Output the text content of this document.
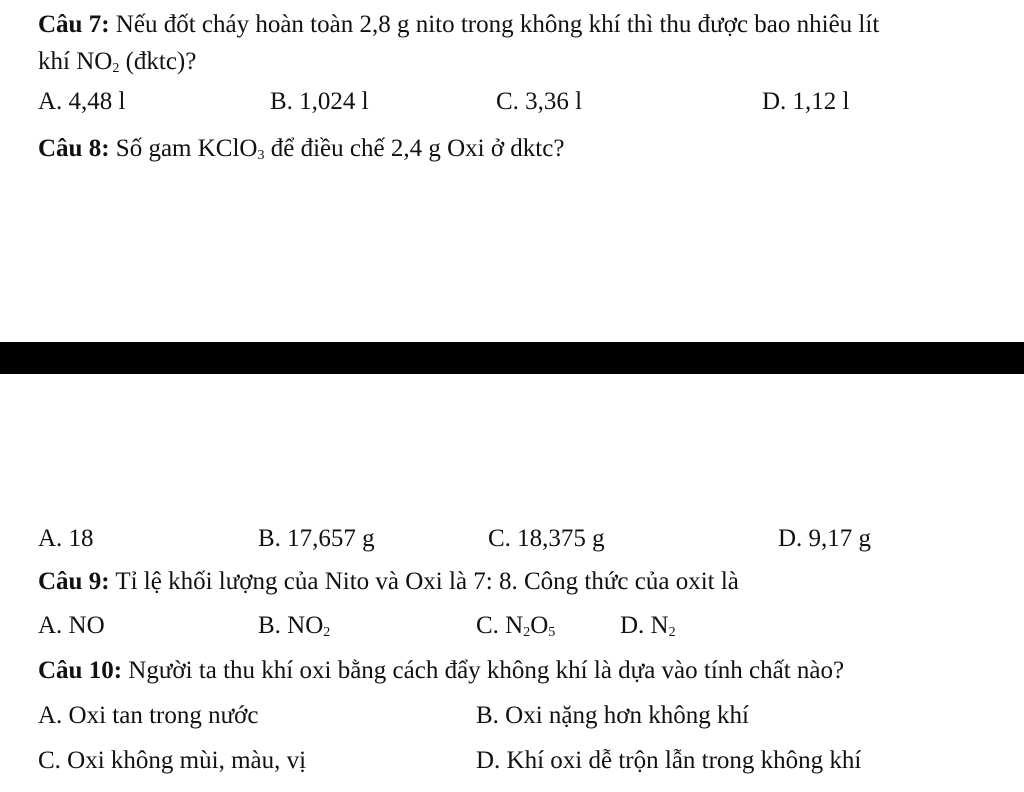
Câu 7: Nếu đốt cháy hoàn toàn 2,8 g nito trong không khí thì thu được bao nhiêu lít
khí $NO_2$ (đktc)?
A. 4,48 l	B. 1,024 l	C. 3,36 l	D. 1,12 l
Câu 8: Số gam KClO$_3$ để điều chế 2,4 g Oxi ở dktc?
A. 18	B. 17,657 g	C. 18,375 g	D. 9,17 g
Câu 9: Tỉ lệ khối lượng của Nito và Oxi là 7: 8. Công thức của oxit là
A. NO	B. $NO_2$	C. $N_2O_5$	D. $N_2$
Câu 10: Người ta thu khí oxi bằng cách đẩy không khí là dựa vào tính chất nào?
A. Oxi tan trong nước	B. Oxi nặng hơn không khí
C. Oxi không mùi, màu, vị	D. Khí oxi dễ trộn lẫn trong không khí
